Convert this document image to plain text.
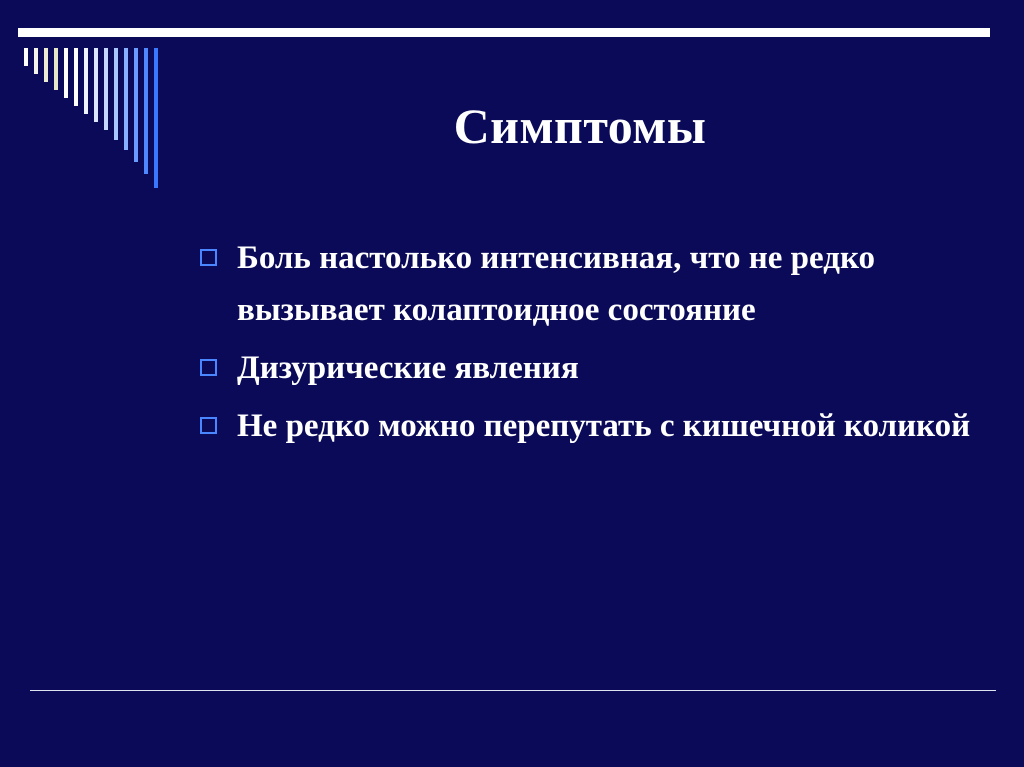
Симптомы
Боль настолько интенсивная, что не редко вызывает колаптоидное состояние
Дизурические явления
Не редко можно перепутать с кишечной коликой
